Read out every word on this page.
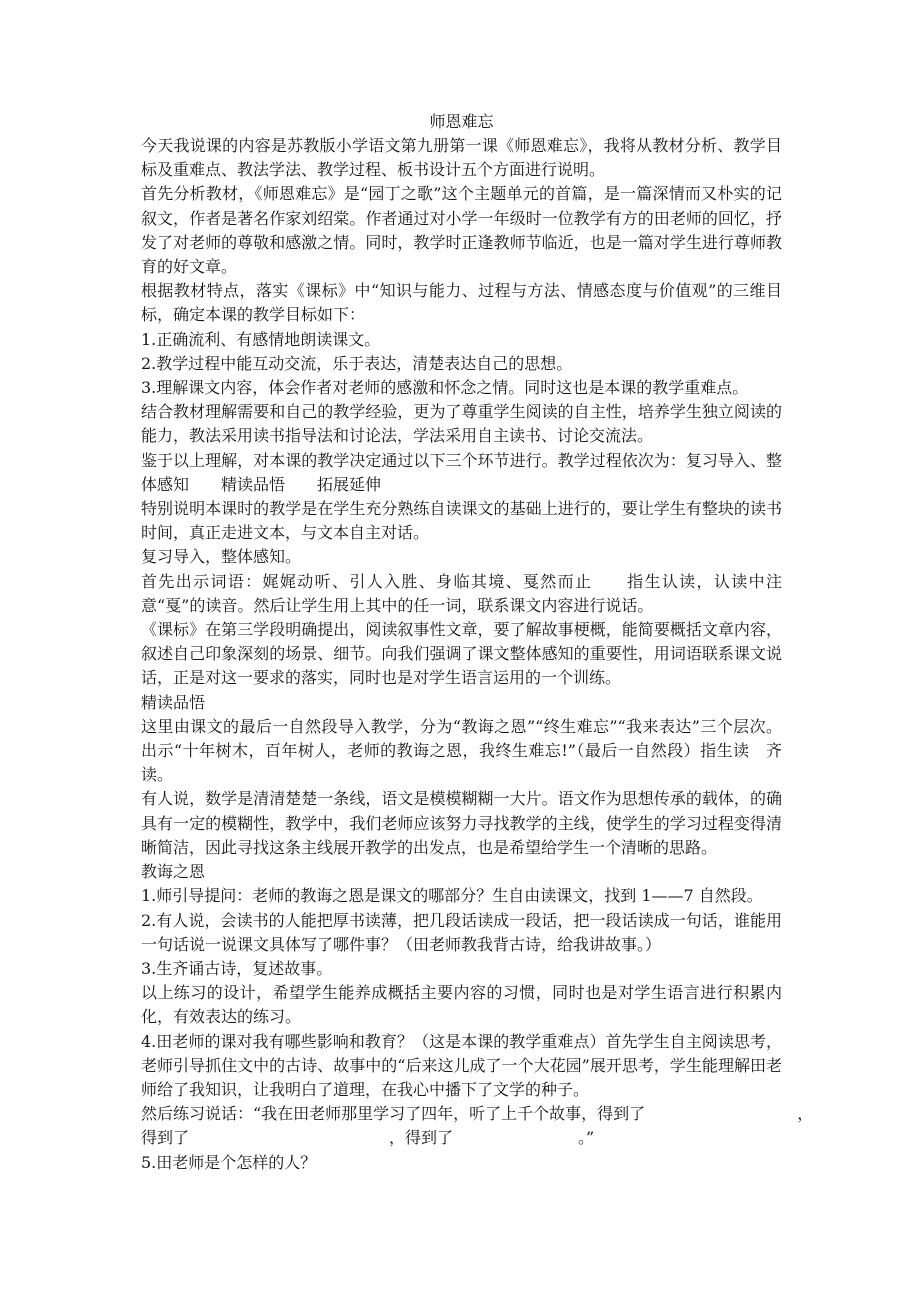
师恩难忘

今天我说课的内容是苏教版小学语文第九册第一课《师恩难忘》，我将从教材分析、教学目标及重难点、教法学法、教学过程、板书设计五个方面进行说明。

首先分析教材，《师恩难忘》是“园丁之歌”这个主题单元的首篇，是一篇深情而又朴实的记叙文，作者是著名作家刘绍棠。作者通过对小学一年级时一位教学有方的田老师的回忆，抒发了对老师的尊敬和感激之情。同时，教学时正逢教师节临近，也是一篇对学生进行尊师教育的好文章。

根据教材特点，落实《课标》中“知识与能力、过程与方法、情感态度与价值观”的三维目标，确定本课的教学目标如下：

1.正确流利、有感情地朗读课文。

2.教学过程中能互动交流，乐于表达，清楚表达自己的思想。

3.理解课文内容，体会作者对老师的感激和怀念之情。同时这也是本课的教学重难点。

结合教材理解需要和自己的教学经验，更为了尊重学生阅读的自主性，培养学生独立阅读的能力，教法采用读书指导法和讨论法，学法采用自主读书、讨论交流法。

鉴于以上理解，对本课的教学决定通过以下三个环节进行。教学过程依次为：复习导入、整体感知　　精读品悟　　拓展延伸

特别说明本课时的教学是在学生充分熟练自读课文的基础上进行的，要让学生有整块的读书时间，真正走进文本，与文本自主对话。

复习导入，整体感知。

首先出示词语：娓娓动听、引人入胜、身临其境、戛然而止　　指生认读，认读中注意“戛”的读音。然后让学生用上其中的任一词，联系课文内容进行说话。

《课标》在第三学段明确提出，阅读叙事性文章，要了解故事梗概，能简要概括文章内容，叙述自己印象深刻的场景、细节。向我们强调了课文整体感知的重要性，用词语联系课文说话，正是对这一要求的落实，同时也是对学生语言运用的一个训练。

精读品悟

这里由课文的最后一自然段导入教学，分为“教诲之恩”“终生难忘”“我来表达”三个层次。出示“十年树木，百年树人，老师的教诲之恩，我终生难忘!”（最后一自然段）指生读　齐读。

有人说，数学是清清楚楚一条线，语文是模模糊糊一大片。语文作为思想传承的载体，的确具有一定的模糊性，教学中，我们老师应该努力寻找教学的主线，使学生的学习过程变得清晰简洁，因此寻找这条主线展开教学的出发点，也是希望给学生一个清晰的思路。

教诲之恩

1.师引导提问：老师的教诲之恩是课文的哪部分？生自由读课文，找到 1——7 自然段。

2.有人说，会读书的人能把厚书读薄，把几段话读成一段话，把一段话读成一句话，谁能用一句话说一说课文具体写了哪件事？（田老师教我背古诗，给我讲故事。）

3.生齐诵古诗，复述故事。

以上练习的设计，希望学生能养成概括主要内容的习惯，同时也是对学生语言进行积累内化，有效表达的练习。

4.田老师的课对我有哪些影响和教育？（这是本课的教学重难点）首先学生自主阅读思考，老师引导抓住文中的古诗、故事中的“后来这儿成了一个大花园”展开思考，学生能理解田老师给了我知识，让我明白了道理，在我心中播下了文学的种子。

然后练习说话：“我在田老师那里学习了四年，听了上千个故事，得到了	，
得到了	，得到了	。”

5.田老师是个怎样的人？
